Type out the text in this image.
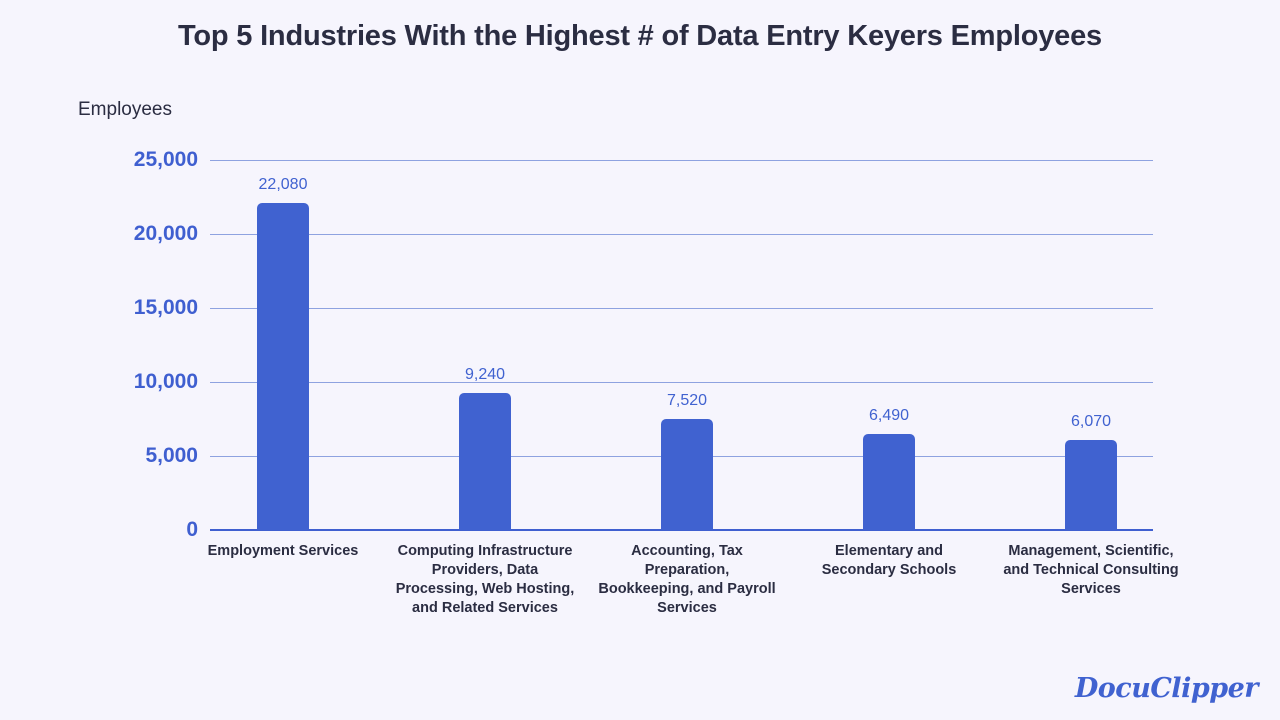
Top 5 Industries With the Highest # of Data Entry Keyers Employees
Employees
25,000
20,000
15,000
10,000
5,000
0
22,080
9,240
7,520
6,490	6,070
Employment Services	Computing Infrastructure Providers, Data Processing, Web Hosting, and Related Services
Accounting, Tax Preparation, Bookkeeping, and Payroll Services
Elementary and Secondary Schools
Management, Scientific, and Technical Consulting Services
DocuClipper
